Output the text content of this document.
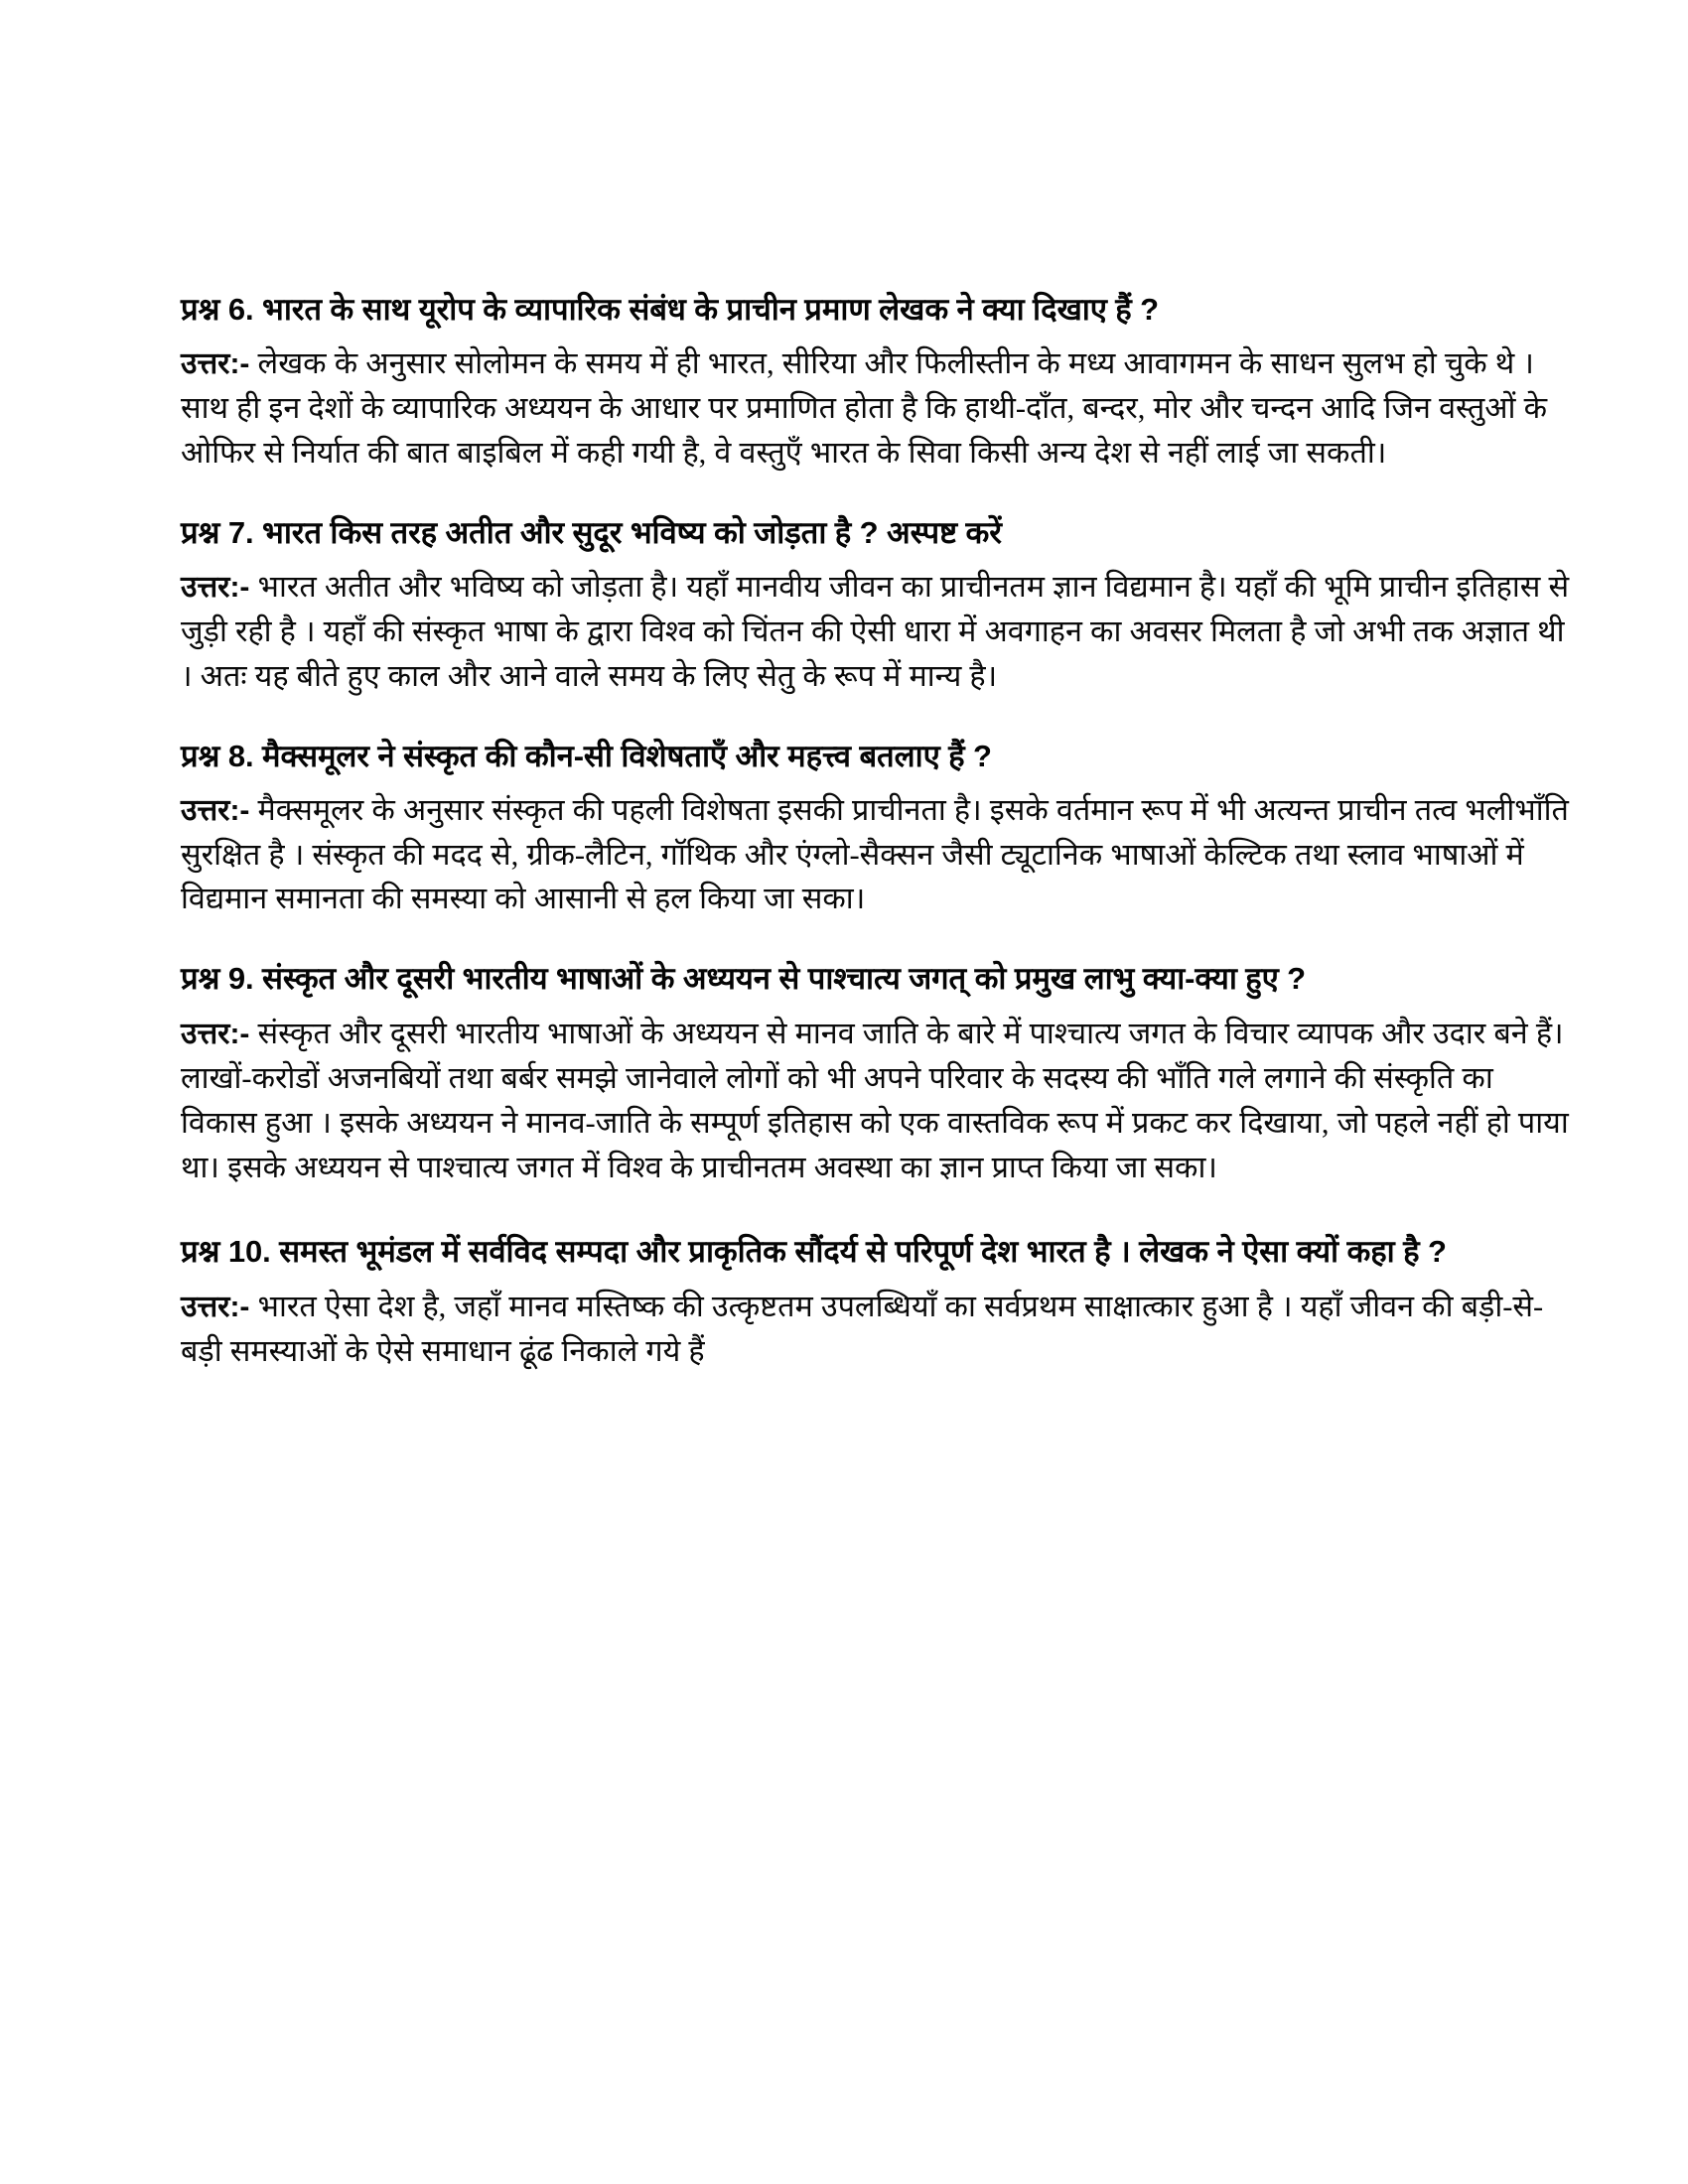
प्रश्न 6. भारत के साथ यूरोप के व्यापारिक संबंध के प्राचीन प्रमाण लेखक ने क्या दिखाए हैं ?

उत्तर:- लेखक के अनुसार सोलोमन के समय में ही भारत, सीरिया और फिलीस्तीन के मध्य आवागमन के साधन सुलभ हो चुके थे । साथ ही इन देशों के व्यापारिक अध्ययन के आधार पर प्रमाणित होता है कि हाथी-दाँत, बन्दर, मोर और चन्दन आदि जिन वस्तुओं के ओफिर से निर्यात की बात बाइबिल में कही गयी है, वे वस्तुएँ भारत के सिवा किसी अन्य देश से नहीं लाई जा सकती।

प्रश्न 7. भारत किस तरह अतीत और सुदूर भविष्य को जोड़ता है ? अस्पष्ट करें

उत्तर:- भारत अतीत और भविष्य को जोड़ता है। यहाँ मानवीय जीवन का प्राचीनतम ज्ञान विद्यमान है। यहाँ की भूमि प्राचीन इतिहास से जुड़ी रही है । यहाँ की संस्कृत भाषा के द्वारा विश्व को चिंतन की ऐसी धारा में अवगाहन का अवसर मिलता है जो अभी तक अज्ञात थी । अतः यह बीते हुए काल और आने वाले समय के लिए सेतु के रूप में मान्य है।

प्रश्न 8. मैक्समूलर ने संस्कृत की कौन-सी विशेषताएँ और महत्त्व बतलाए हैं ?

उत्तर:- मैक्समूलर के अनुसार संस्कृत की पहली विशेषता इसकी प्राचीनता है। इसके वर्तमान रूप में भी अत्यन्त प्राचीन तत्व भलीभाँति सुरक्षित है । संस्कृत की मदद से, ग्रीक-लैटिन, गॉथिक और एंग्लो-सैक्सन जैसी ट्यूटानिक भाषाओं केल्टिक तथा स्लाव भाषाओं में विद्यमान समानता की समस्या को आसानी से हल किया जा सका।

प्रश्न 9. संस्कृत और दूसरी भारतीय भाषाओं के अध्ययन से पाश्चात्य जगत् को प्रमुख लाभु क्या-क्या हुए ?

उत्तर:- संस्कृत और दूसरी भारतीय भाषाओं के अध्ययन से मानव जाति के बारे में पाश्चात्य जगत के विचार व्यापक और उदार बने हैं। लाखों-करोडों अजनबियों तथा बर्बर समझे जानेवाले लोगों को भी अपने परिवार के सदस्य की भाँति गले लगाने की संस्कृति का विकास हुआ । इसके अध्ययन ने मानव-जाति के सम्पूर्ण इतिहास को एक वास्तविक रूप में प्रकट कर दिखाया, जो पहले नहीं हो पाया था। इसके अध्ययन से पाश्चात्य जगत में विश्व के प्राचीनतम अवस्था का ज्ञान प्राप्त किया जा सका।

प्रश्न 10. समस्त भूमंडल में सर्वविद सम्पदा और प्राकृतिक सौंदर्य से परिपूर्ण देश भारत है । लेखक ने ऐसा क्यों कहा है ?

उत्तर:- भारत ऐसा देश है, जहाँ मानव मस्तिष्क की उत्कृष्टतम उपलब्धियाँ का सर्वप्रथम साक्षात्कार हुआ है । यहाँ जीवन की बड़ी-से-बड़ी समस्याओं के ऐसे समाधान ढूंढ निकाले गये हैं
